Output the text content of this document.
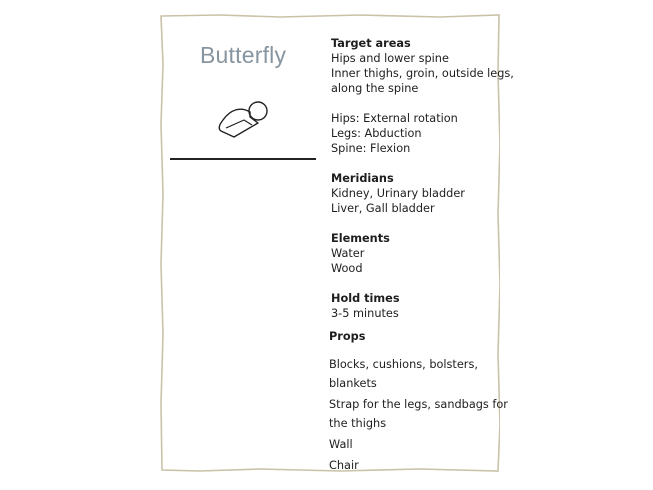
Butterfly	Target areas
Hips and lower spine
Inner thighs, groin, outside legs,
along the spine
Hips: External rotation
Legs: Abduction
Spine: Flexion
Meridians
Kidney, Urinary bladder
Liver, Gall bladder
Elements
Water
Wood
Hold times
3-5 minutes
Props
Blocks, cushions, bolsters,
blankets
Strap for the legs, sandbags for
the thighs
Wall
Chair
